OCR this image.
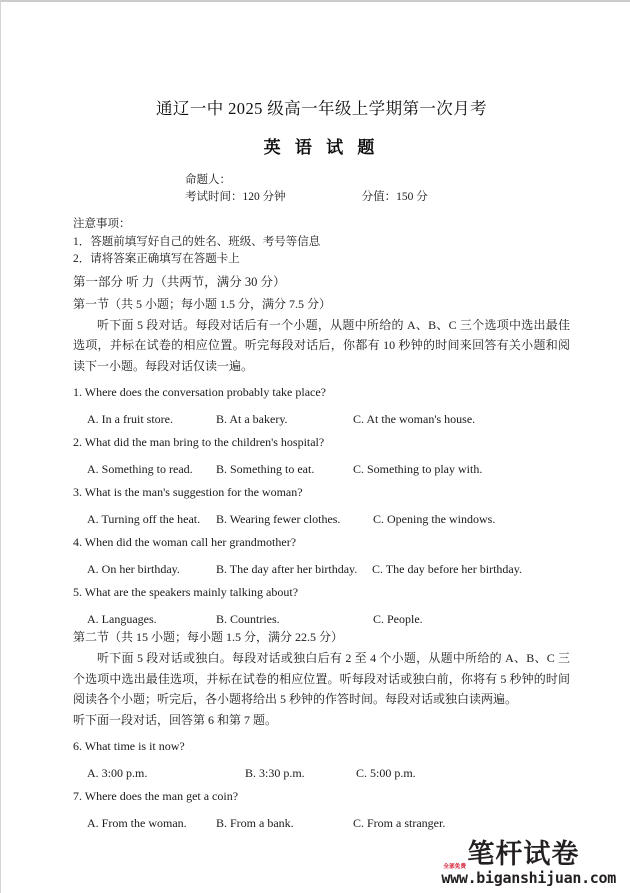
通辽一中 2025 级高一年级上学期第一次月考
英 语 试 题
命题人：
考试时间：120 分钟	分值：150 分
注意事项：
1．答题前填写好自己的姓名、班级、考号等信息
2．请将答案正确填写在答题卡上
第一部分 听 力（共两节，满分 30 分）
第一节（共 5 小题；每小题 1.5 分，满分 7.5 分）

听下面 5 段对话。每段对话后有一个小题，从题中所给的 A、B、C 三个选项中选出最佳选项，并标在试卷的相应位置。听完每段对话后，你都有 10 秒钟的时间来回答有关小题和阅读下一小题。每段对话仅读一遍。

1. Where does the conversation probably take place?
A. In a fruit store.	B. At a bakery.	C. At the woman's house.
2. What did the man bring to the children's hospital?
A. Something to read. B. Something to eat.	C. Something to play with.
3. What is the man's suggestion for the woman?
A. Turning off the heat. B. Wearing fewer clothes.	C. Opening the windows.
4. When did the woman call her grandmother?
A. On her birthday.	B. The day after her birthday. C. The day before her birthday.
5. What are the speakers mainly talking about?
A. Languages.	B. Countries.	C. People.
第二节（共 15 小题；每小题 1.5 分，满分 22.5 分）

听下面 5 段对话或独白。每段对话或独白后有 2 至 4 个小题，从题中所给的 A、B、C 三个选项中选出最佳选项，并标在试卷的相应位置。听每段对话或独白前，你将有 5 秒钟的时间阅读各个小题；听完后，各小题将给出 5 秒钟的作答时间。每段对话或独白读两遍。

听下面一段对话，回答第 6 和第 7 题。

6. What time is it now?
A. 3:00 p.m.	B. 3:30 p.m.	C. 5:00 p.m.
7. Where does the man get a coin?
A. From the woman. B. From a bank.	C. From a stranger.
全部免费 笔杆试卷
www.biganshijuan.com
